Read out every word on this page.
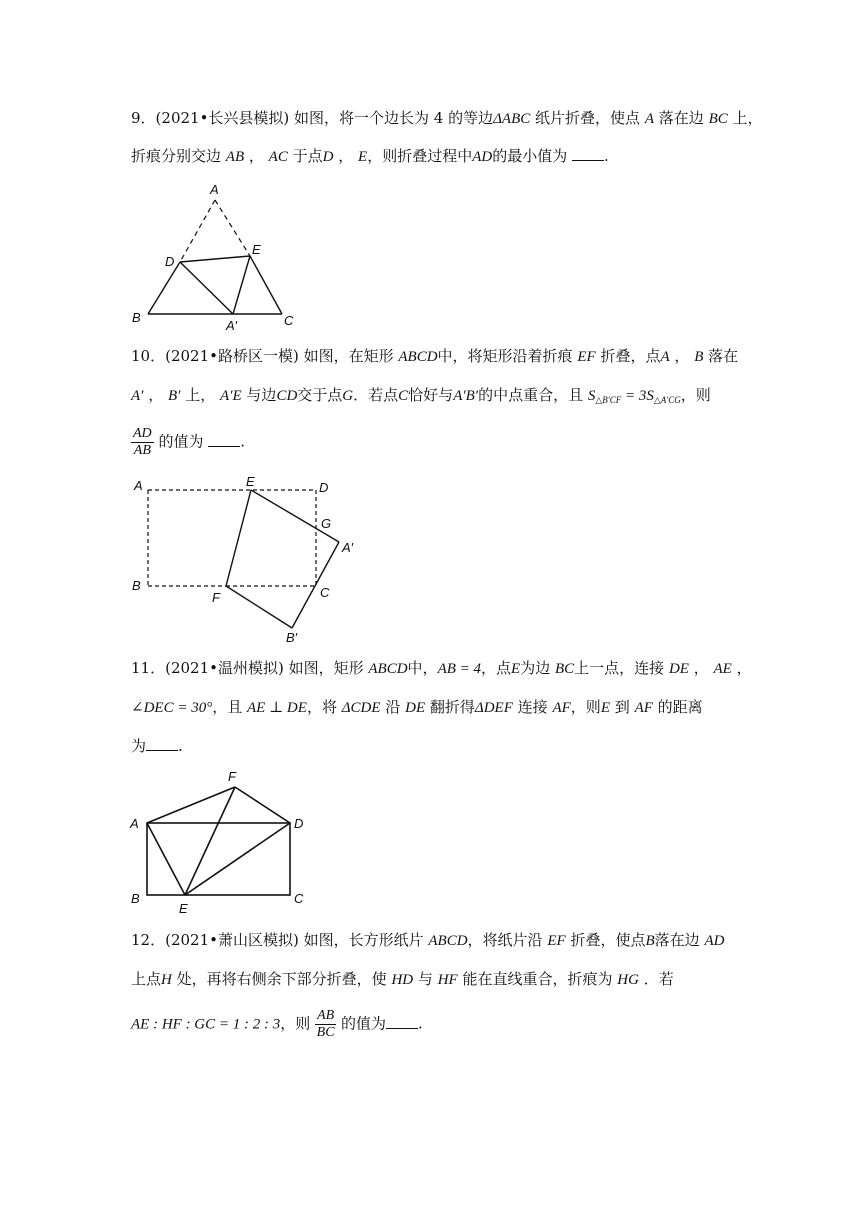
9．(2021•长兴县模拟) 如图，将一个边长为 4 的等边ΔABC 纸片折叠，使点 A 落在边 BC 上，
折痕分别交边 AB ， AC 于点D ， E，则折叠过程中AD的最小值为 .
A
D
E
B
A′	C
10．(2021•路桥区一模) 如图，在矩形 ABCD中，将矩形沿着折痕 EF 折叠，点A ， B 落在
A′ ， B′ 上， A′E 与边CD交于点G．若点C恰好与A′B′的中点重合，且 $S_{\triangle B'CF} = 3S_{\triangle A'CG}$，则
$\frac{AD}{AB}$ 的值为 .
A	E	D
G
A′
B
F	C
B′
11．(2021•温州模拟) 如图，矩形 ABCD中，AB = 4，点E为边 BC上一点，连接 DE ， AE ，
∠DEC = 30°，且 AE ⊥ DE，将 ΔCDE 沿 DE 翻折得ΔDEF 连接 AF，则E 到 AF 的距离
为 .
F
A	D
B
E
C
12．(2021•萧山区模拟) 如图，长方形纸片 ABCD，将纸片沿 EF 折叠，使点B落在边 AD
上点H 处，再将右侧余下部分折叠，使 HD 与 HF 能在直线重合，折痕为 HG ．若
AE : HF : GC = 1 : 2 : 3，则 $\frac{AB}{BC}$ 的值为 .
